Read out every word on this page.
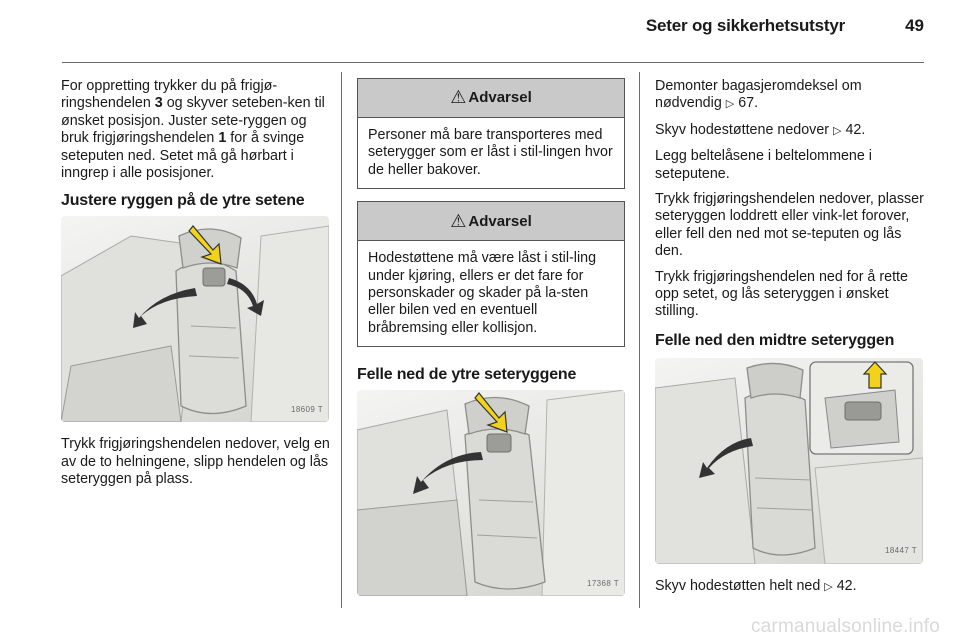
Seter og sikkerhetsutstyr	49

For oppretting trykker du på frigjø-ringshendelen 3 og skyver seteben-ken til ønsket posisjon. Juster sete-ryggen og bruk frigjøringshendelen 1 for å svinge seteputen ned. Setet må gå hørbart i inngrep i alle posisjoner.

Justere ryggen på de ytre setene
18609 T

Trykk frigjøringshendelen nedover, velg en av de to helningene, slipp hendelen og lås seteryggen på plass.

⚠ Advarsel
Personer må bare transporteres med seterygger som er låst i stil-lingen hvor de heller bakover.
⚠ Advarsel
Hodestøttene må være låst i stil-ling under kjøring, ellers er det fare for personskader og skader på la-sten eller bilen ved en eventuell bråbremsing eller kollisjon.
Felle ned de ytre seteryggene
17368 T

Demonter bagasjeromdeksel om nødvendig ▷ 67.

Skyv hodestøttene nedover ▷ 42.

Legg beltelåsene i beltelommene i seteputene.

Trykk frigjøringshendelen nedover, plasser seteryggen loddrett eller vink-let forover, eller fell den ned mot se-teputen og lås den.

Trykk frigjøringshendelen ned for å rette opp setet, og lås seteryggen i ønsket stilling.

Felle ned den midtre seteryggen
18447 T

Skyv hodestøtten helt ned ▷ 42.

carmanualsonline.info
